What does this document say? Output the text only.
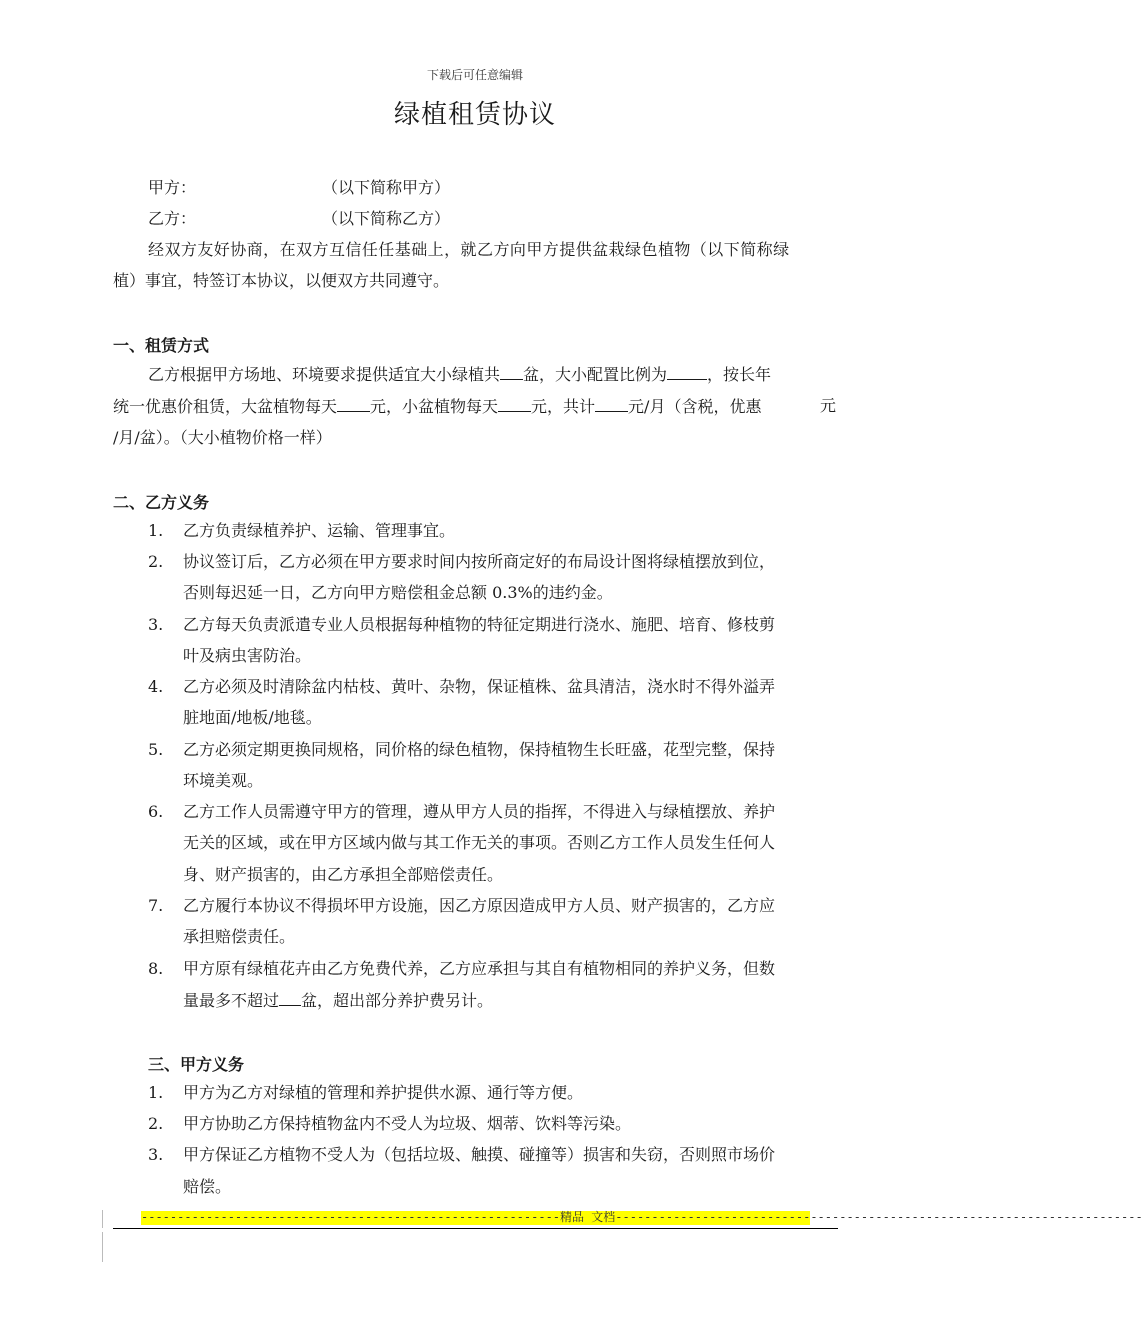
下载后可任意编辑
绿植租赁协议
甲方：	（以下简称甲方）
乙方：	（以下简称乙方）
经双方友好协商，在双方互信任任基础上，就乙方向甲方提供盆栽绿色植物（以下简称绿
植）事宜，特签订本协议，以便双方共同遵守。
一、租赁方式
乙方根据甲方场地、环境要求提供适宜大小绿植共 盆，大小配置比例为	，按长年
统一优惠价租赁，大盆植物每天 元，小盆植物每天 元，共计 元/月（含税，优惠	元
/月/盆）。（大小植物价格一样）
二、乙方义务
1. 乙方负责绿植养护、运输、管理事宜。
2. 协议签订后，乙方必须在甲方要求时间内按所商定好的布局设计图将绿植摆放到位，
否则每迟延一日，乙方向甲方赔偿租金总额 0.3%的违约金。
3. 乙方每天负责派遣专业人员根据每种植物的特征定期进行浇水、施肥、培育、修枝剪
叶及病虫害防治。
4. 乙方必须及时清除盆内枯枝、黄叶、杂物，保证植株、盆具清洁，浇水时不得外溢弄
脏地面/地板/地毯。
5. 乙方必须定期更换同规格，同价格的绿色植物，保持植物生长旺盛，花型完整，保持
环境美观。
6. 乙方工作人员需遵守甲方的管理，遵从甲方人员的指挥，不得进入与绿植摆放、养护
无关的区域，或在甲方区域内做与其工作无关的事项。否则乙方工作人员发生任何人
身、财产损害的，由乙方承担全部赔偿责任。
7. 乙方履行本协议不得损坏甲方设施，因乙方原因造成甲方人员、财产损害的，乙方应
承担赔偿责任。
8. 甲方原有绿植花卉由乙方免费代养，乙方应承担与其自有植物相同的养护义务，但数
量最多不超过 盆，超出部分养护费另计。
三、甲方义务
1. 甲方为乙方对绿植的管理和养护提供水源、通行等方便。
2. 甲方协助乙方保持植物盆内不受人为垃圾、烟蒂、饮料等污染。
3. 甲方保证乙方植物不受人为（包括垃圾、触摸、碰撞等）损害和失窃，否则照市场价
赔偿。
----------------------------------------------------------精品 文档-------------------------------------------------------------------------
